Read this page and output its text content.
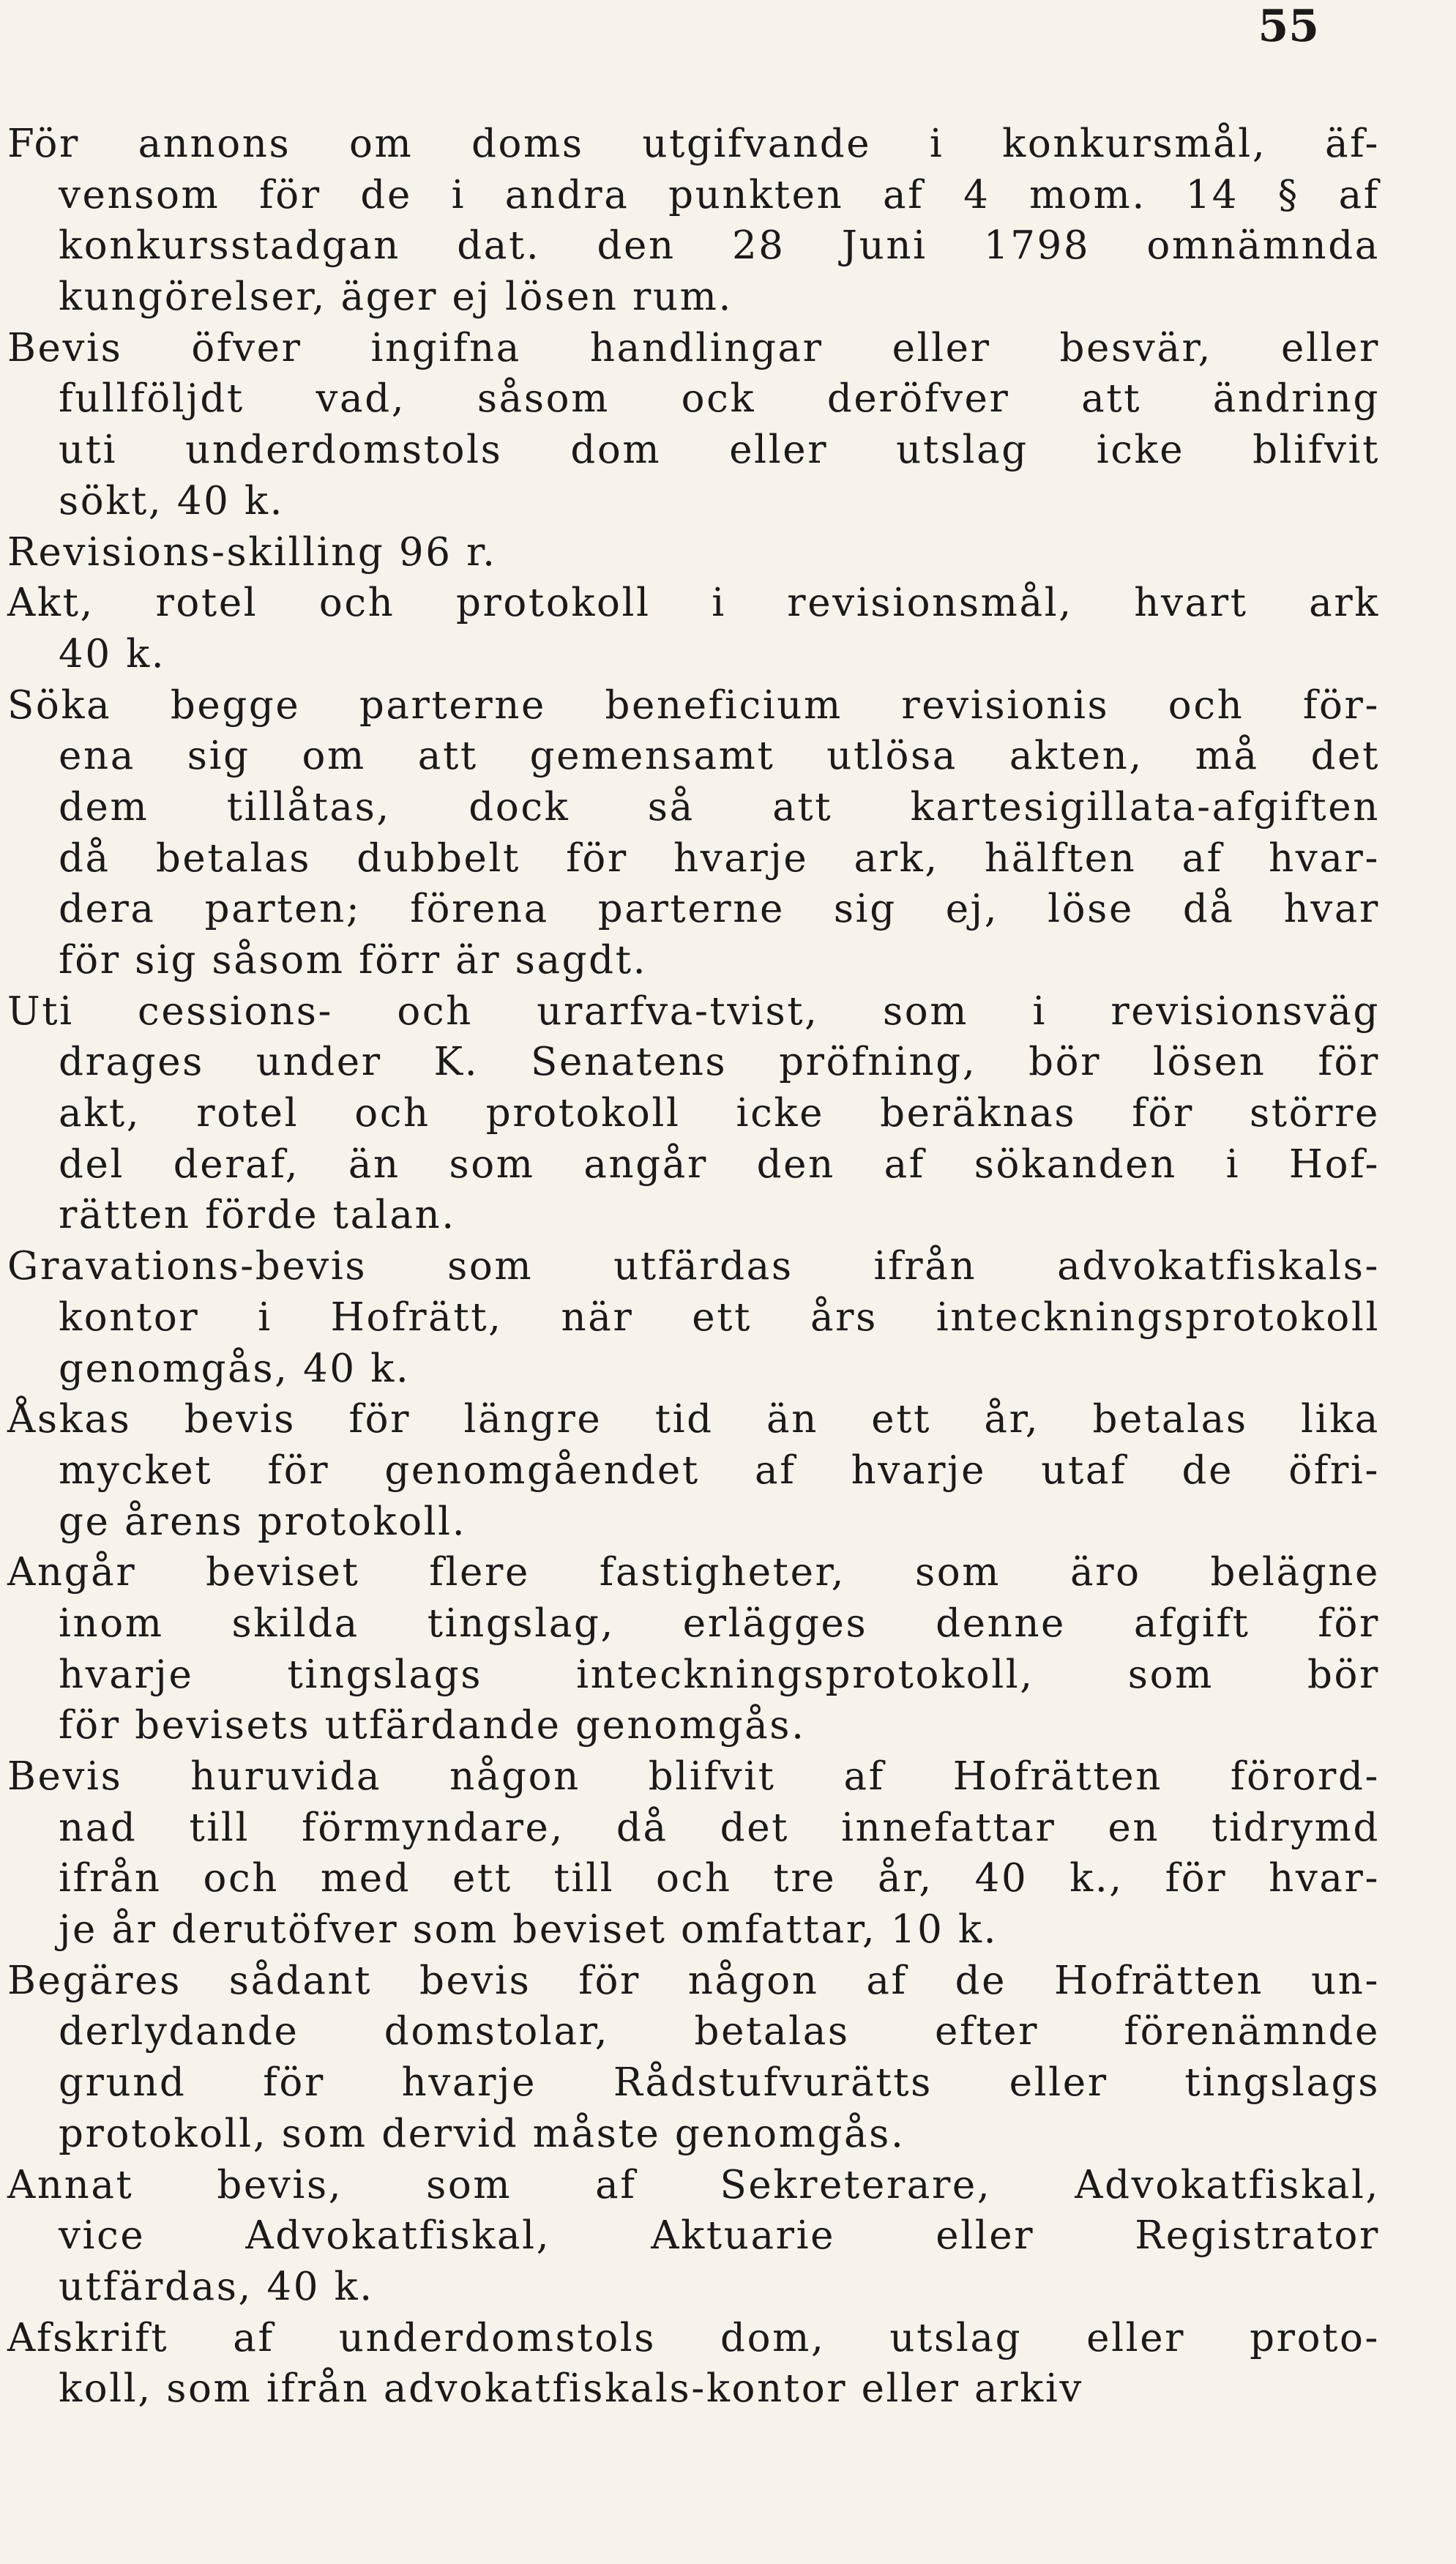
55
För annons om doms utgifvande i konkursmål, äf-
vensom för de i andra punkten af 4 mom. 14 § af
konkursstadgan dat. den 28 Juni 1798 omnämnda
kungörelser, äger ej lösen rum.
Bevis öfver ingifna handlingar eller besvär, eller
fullföljdt vad, såsom ock deröfver att ändring
uti underdomstols dom eller utslag icke blifvit
sökt, 40 k.
Revisions-skilling 96 r.
Akt, rotel och protokoll i revisionsmål, hvart ark
40 k.
Söka begge parterne beneficium revisionis och för-
ena sig om att gemensamt utlösa akten, må det
dem tillåtas, dock så att kartesigillata-afgiften
då betalas dubbelt för hvarje ark, hälften af hvar-
dera parten; förena parterne sig ej, löse då hvar
för sig såsom förr är sagdt.
Uti cessions- och urarfva-tvist, som i revisionsväg
drages under K. Senatens pröfning, bör lösen för
akt, rotel och protokoll icke beräknas för större
del deraf, än som angår den af sökanden i Hof-
rätten förde talan.
Gravations-bevis som utfärdas ifrån advokatfiskals-
kontor i Hofrätt, när ett års inteckningsprotokoll
genomgås, 40 k.
Åskas bevis för längre tid än ett år, betalas lika
mycket för genomgåendet af hvarje utaf de öfri-
ge årens protokoll.
Angår beviset flere fastigheter, som äro belägne
inom skilda tingslag, erlägges denne afgift för
hvarje tingslags inteckningsprotokoll, som bör
för bevisets utfärdande genomgås.
Bevis huruvida någon blifvit af Hofrätten förord-
nad till förmyndare, då det innefattar en tidrymd
ifrån och med ett till och tre år, 40 k., för hvar-
je år derutöfver som beviset omfattar, 10 k.
Begäres sådant bevis för någon af de Hofrätten un-
derlydande domstolar, betalas efter förenämnde
grund för hvarje Rådstufvurätts eller tingslags
protokoll, som dervid måste genomgås.
Annat bevis, som af Sekreterare, Advokatfiskal,
vice Advokatfiskal, Aktuarie eller Registrator
utfärdas, 40 k.
Afskrift af underdomstols dom, utslag eller proto-
koll, som ifrån advokatfiskals-kontor eller arkiv
